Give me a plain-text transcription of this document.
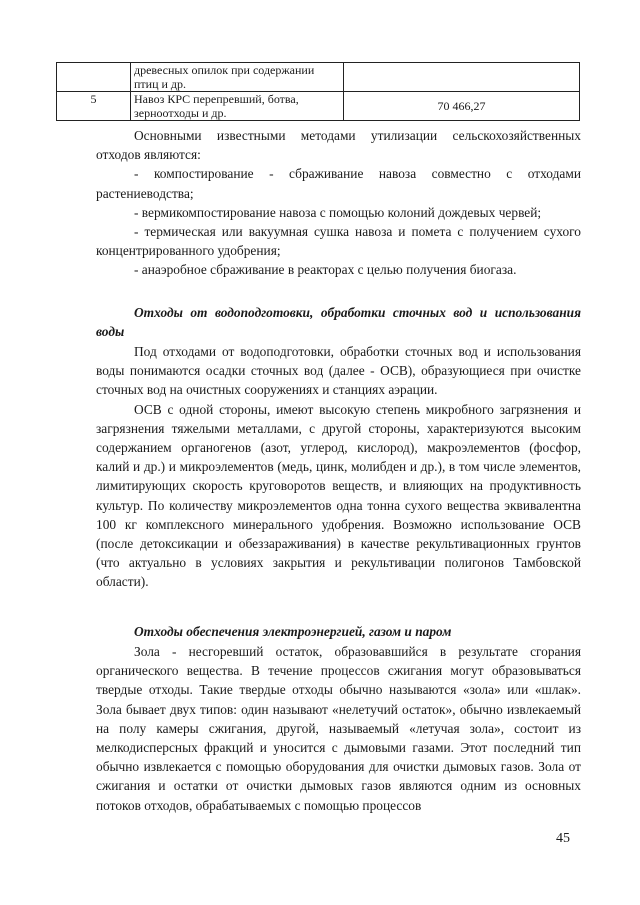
	древесных опилок при содержании птиц и др.	
5	Навоз КРС перепревший, ботва, зерноотходы и др.	70 466,27

Основными известными методами утилизации сельскохозяйственных отходов являются:

- компостирование - сбраживание навоза совместно с отходами растениеводства;

- вермикомпостирование навоза с помощью колоний дождевых червей;

- термическая или вакуумная сушка навоза и помета с получением сухого концентрированного удобрения;

- анаэробное сбраживание в реакторах с целью получения биогаза.

Отходы от водоподготовки, обработки сточных вод и использования воды

Под отходами от водоподготовки, обработки сточных вод и использования воды понимаются осадки сточных вод (далее - ОСВ), образующиеся при очистке сточных вод на очистных сооружениях и станциях аэрации.

ОСВ с одной стороны, имеют высокую степень микробного загрязнения и загрязнения тяжелыми металлами, с другой стороны, характеризуются высоким содержанием органогенов (азот, углерод, кислород), макроэлементов (фосфор, калий и др.) и микроэлементов (медь, цинк, молибден и др.), в том числе элементов, лимитирующих скорость круговоротов веществ, и влияющих на продуктивность культур. По количеству микроэлементов одна тонна сухого вещества эквивалентна 100 кг комплексного минерального удобрения. Возможно использование ОСВ (после детоксикации и обеззараживания) в качестве рекультивационных грунтов (что актуально в условиях закрытия и рекультивации полигонов Тамбовской области).

Отходы обеспечения электроэнергией, газом и паром

Зола - несгоревший остаток, образовавшийся в результате сгорания органического вещества. В течение процессов сжигания могут образовываться твердые отходы. Такие твердые отходы обычно называются «зола» или «шлак». Зола бывает двух типов: один называют «нелетучий остаток», обычно извлекаемый на полу камеры сжигания, другой, называемый «летучая зола», состоит из мелкодисперсных фракций и уносится с дымовыми газами. Этот последний тип обычно извлекается с помощью оборудования для очистки дымовых газов. Зола от сжигания и остатки от очистки дымовых газов являются одним из основных потоков отходов, обрабатываемых с помощью процессов

45
